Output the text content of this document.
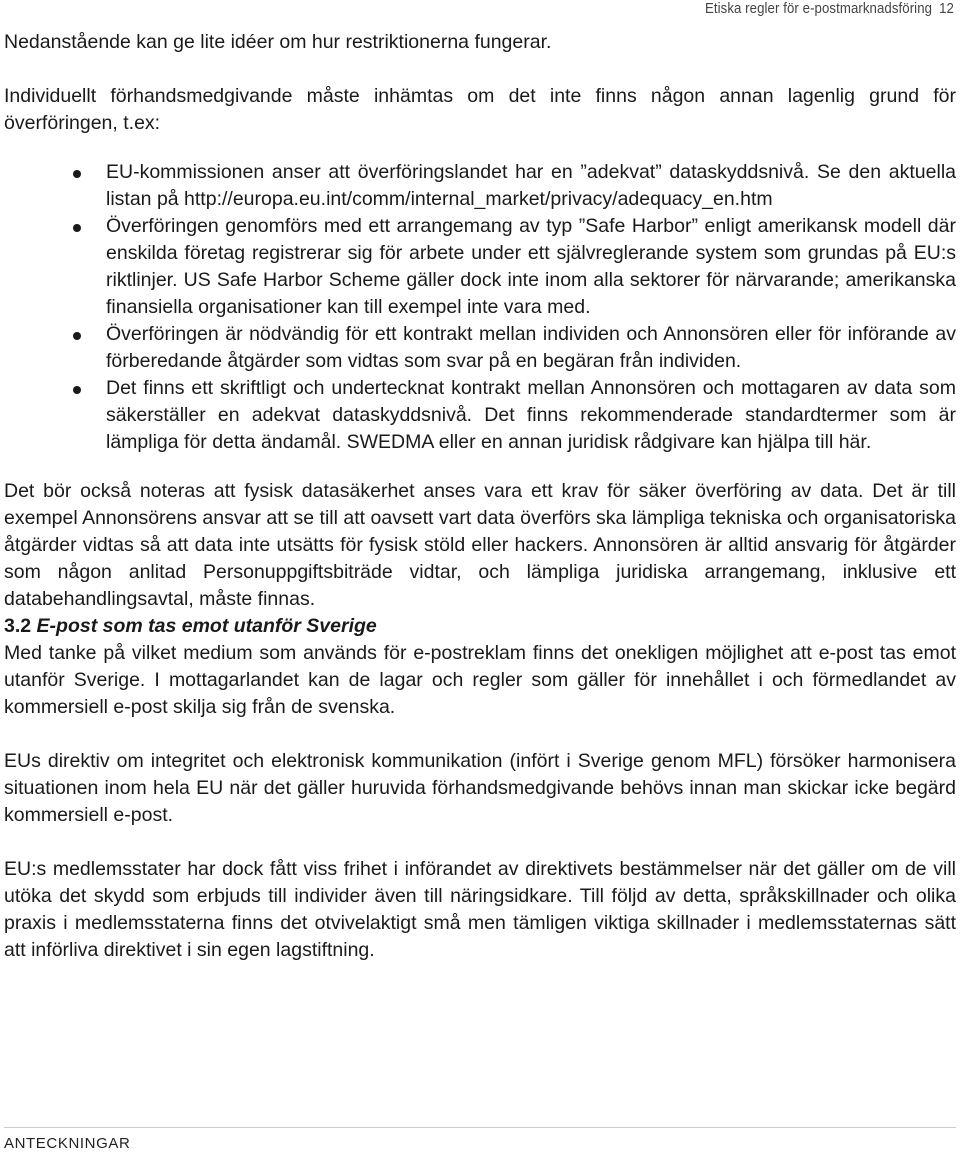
Etiska regler för e-postmarknadsföring 12

Nedanstående kan ge lite idéer om hur restriktionerna fungerar.

Individuellt förhandsmedgivande måste inhämtas om det inte finns någon annan lagenlig grund för överföringen, t.ex:

EU-kommissionen anser att överföringslandet har en ”adekvat” dataskyddsnivå. Se den aktuella listan på http://europa.eu.int/comm/internal_market/privacy/adequacy_en.htm
Överföringen genomförs med ett arrangemang av typ ”Safe Harbor” enligt amerikansk modell där enskilda företag registrerar sig för arbete under ett självreglerande system som grundas på EU:s riktlinjer. US Safe Harbor Scheme gäller dock inte inom alla sektorer för närvarande; amerikanska finansiella organisationer kan till exempel inte vara med.
Överföringen är nödvändig för ett kontrakt mellan individen och Annonsören eller för införande av förberedande åtgärder som vidtas som svar på en begäran från individen.
Det finns ett skriftligt och undertecknat kontrakt mellan Annonsören och mottagaren av data som säkerställer en adekvat dataskyddsnivå. Det finns rekommenderade standardtermer som är lämpliga för detta ändamål. SWEDMA eller en annan juridisk rådgivare kan hjälpa till här.

Det bör också noteras att fysisk datasäkerhet anses vara ett krav för säker överföring av data. Det är till exempel Annonsörens ansvar att se till att oavsett vart data överförs ska lämpliga tekniska och organisatoriska åtgärder vidtas så att data inte utsätts för fysisk stöld eller hackers. Annonsören är alltid ansvarig för åtgärder som någon anlitad Personuppgiftsbiträde vidtar, och lämpliga juridiska arrangemang, inklusive ett databehandlingsavtal, måste finnas.

3.2 E-post som tas emot utanför Sverige

Med tanke på vilket medium som används för e-postreklam finns det onekligen möjlighet att e-post tas emot utanför Sverige. I mottagarlandet kan de lagar och regler som gäller för innehållet i och förmedlandet av kommersiell e-post skilja sig från de svenska.

EUs direktiv om integritet och elektronisk kommunikation (infört i Sverige genom MFL) försöker harmonisera situationen inom hela EU när det gäller huruvida förhandsmedgivande behövs innan man skickar icke begärd kommersiell e-post.

EU:s medlemsstater har dock fått viss frihet i införandet av direktivets bestämmelser när det gäller om de vill utöka det skydd som erbjuds till individer även till näringsidkare. Till följd av detta, språkskillnader och olika praxis i medlemsstaterna finns det otvivelaktigt små men tämligen viktiga skillnader i medlemsstaternas sätt att införliva direktivet i sin egen lagstiftning.

ANTECKNINGAR
